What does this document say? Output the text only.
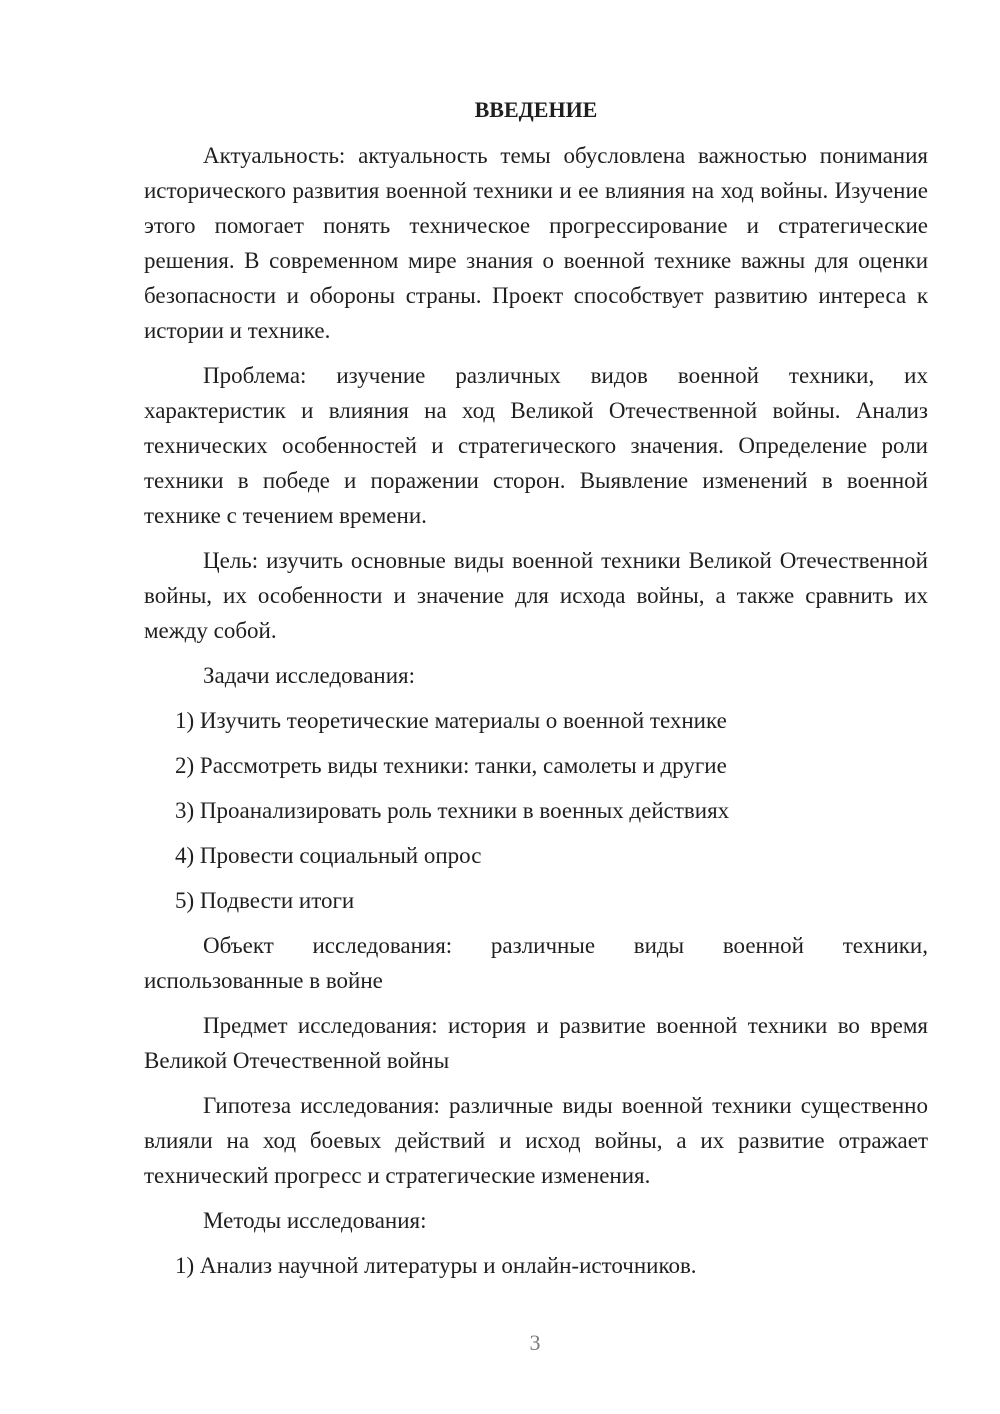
ВВЕДЕНИЕ

Актуальность: актуальность темы обусловлена важностью понимания исторического развития военной техники и ее влияния на ход войны. Изучение этого помогает понять техническое прогрессирование и стратегические решения. В современном мире знания о военной технике важны для оценки безопасности и обороны страны. Проект способствует развитию интереса к истории и технике.

Проблема: изучение различных видов военной техники, их характеристик и влияния на ход Великой Отечественной войны. Анализ технических особенностей и стратегического значения. Определение роли техники в победе и поражении сторон. Выявление изменений в военной технике с течением времени.

Цель: изучить основные виды военной техники Великой Отечественной войны, их особенности и значение для исхода войны, а также сравнить их между собой.

Задачи исследования:

1) Изучить теоретические материалы о военной технике

2) Рассмотреть виды техники: танки, самолеты и другие

3) Проанализировать роль техники в военных действиях

4) Провести социальный опрос

5) Подвести итоги

Объект исследования: различные виды военной техники, использованные в войне

Предмет исследования: история и развитие военной техники во время Великой Отечественной войны

Гипотеза исследования: различные виды военной техники существенно влияли на ход боевых действий и исход войны, а их развитие отражает технический прогресс и стратегические изменения.

Методы исследования:

1) Анализ научной литературы и онлайн-источников.

3
